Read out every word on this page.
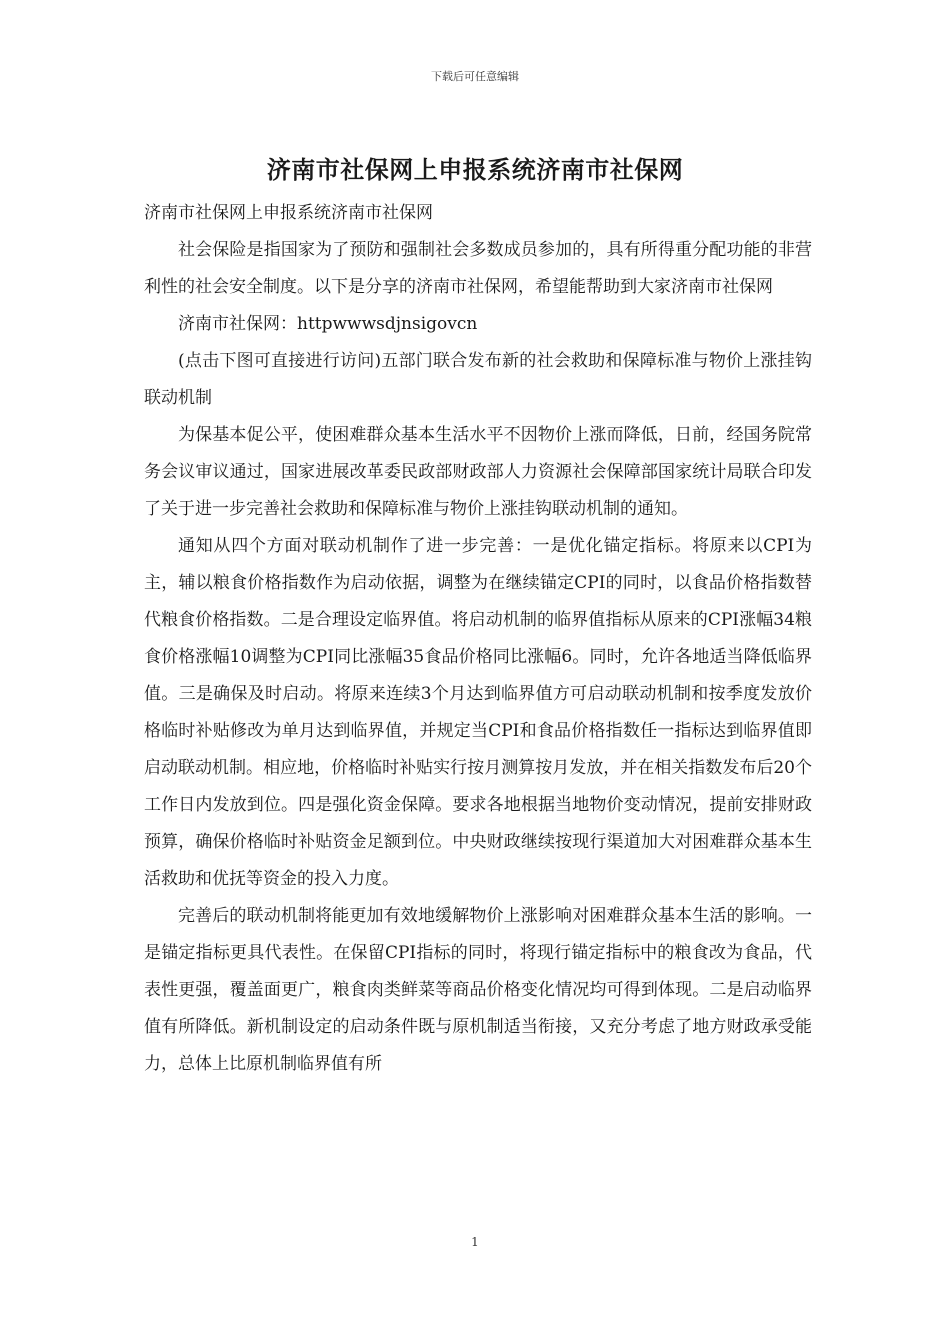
下载后可任意编辑
济南市社保网上申报系统济南市社保网

济南市社保网上申报系统济南市社保网

社会保险是指国家为了预防和强制社会多数成员参加的，具有所得重分配功能的非营利性的社会安全制度。以下是分享的济南市社保网，希望能帮助到大家济南市社保网

济南市社保网：httpwwwsdjnsigovcn

(点击下图可直接进行访问)五部门联合发布新的社会救助和保障标准与物价上涨挂钩联动机制

为保基本促公平，使困难群众基本生活水平不因物价上涨而降低，日前，经国务院常务会议审议通过，国家进展改革委民政部财政部人力资源社会保障部国家统计局联合印发了关于进一步完善社会救助和保障标准与物价上涨挂钩联动机制的通知。

通知从四个方面对联动机制作了进一步完善：一是优化锚定指标。将原来以CPI为主，辅以粮食价格指数作为启动依据，调整为在继续锚定CPI的同时，以食品价格指数替代粮食价格指数。二是合理设定临界值。将启动机制的临界值指标从原来的CPI涨幅34粮食价格涨幅10调整为CPI同比涨幅35食品价格同比涨幅6。同时，允许各地适当降低临界值。三是确保及时启动。将原来连续3个月达到临界值方可启动联动机制和按季度发放价格临时补贴修改为单月达到临界值，并规定当CPI和食品价格指数任一指标达到临界值即启动联动机制。相应地，价格临时补贴实行按月测算按月发放，并在相关指数发布后20个工作日内发放到位。四是强化资金保障。要求各地根据当地物价变动情况，提前安排财政预算，确保价格临时补贴资金足额到位。中央财政继续按现行渠道加大对困难群众基本生活救助和优抚等资金的投入力度。

完善后的联动机制将能更加有效地缓解物价上涨影响对困难群众基本生活的影响。一是锚定指标更具代表性。在保留CPI指标的同时，将现行锚定指标中的粮食改为食品，代表性更强，覆盖面更广，粮食肉类鲜菜等商品价格变化情况均可得到体现。二是启动临界值有所降低。新机制设定的启动条件既与原机制适当衔接，又充分考虑了地方财政承受能力，总体上比原机制临界值有所

1
